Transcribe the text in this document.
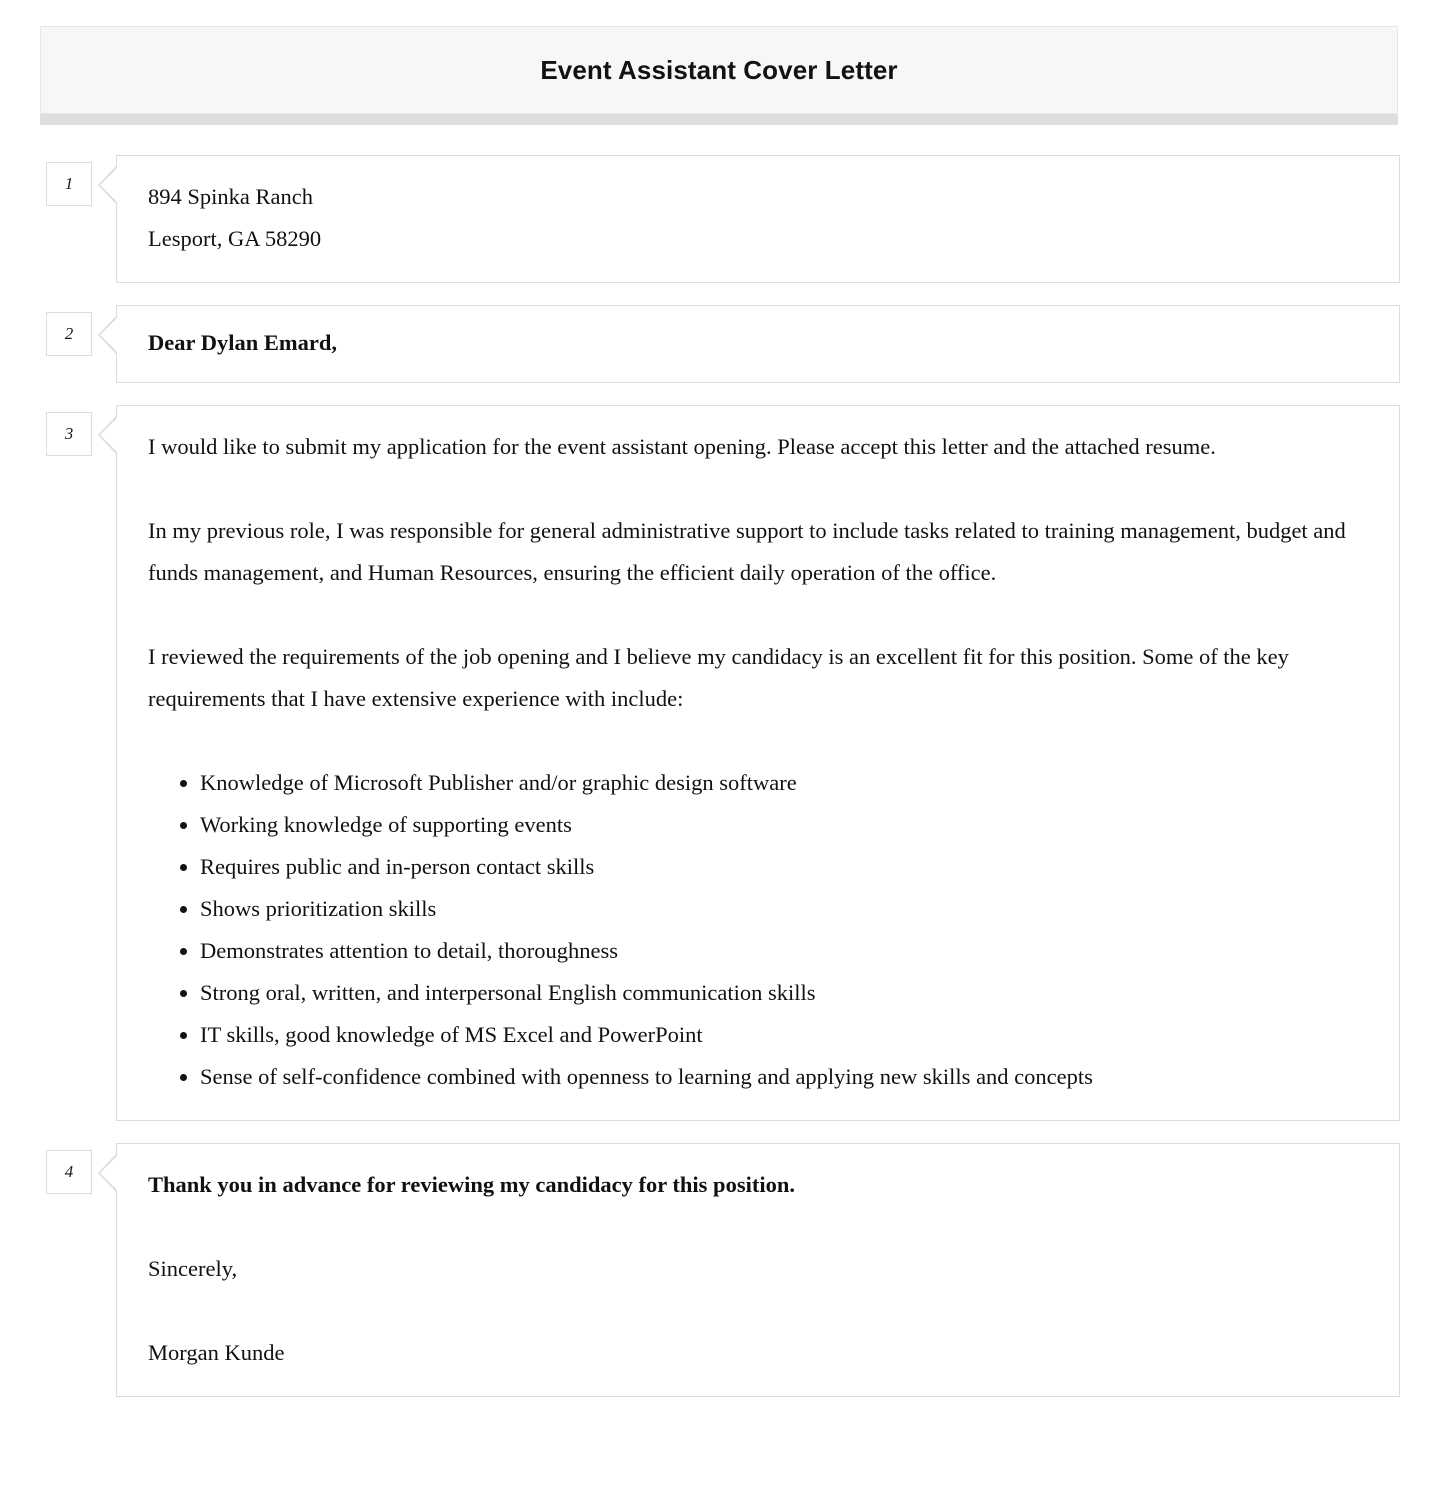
Event Assistant Cover Letter
1
894 Spinka Ranch
Lesport, GA 58290
2	Dear Dylan Emard,
3

I would like to submit my application for the event assistant opening. Please accept this letter and the attached resume.

In my previous role, I was responsible for general administrative support to include tasks related to training management, budget and funds management, and Human Resources, ensuring the efficient daily operation of the office.

I reviewed the requirements of the job opening and I believe my candidacy is an excellent fit for this position. Some of the key requirements that I have extensive experience with include:

• Knowledge of Microsoft Publisher and/or graphic design software
• Working knowledge of supporting events
• Requires public and in-person contact skills
• Shows prioritization skills
• Demonstrates attention to detail, thoroughness
• Strong oral, written, and interpersonal English communication skills
• IT skills, good knowledge of MS Excel and PowerPoint
• Sense of self-confidence combined with openness to learning and applying new skills and concepts
4

Thank you in advance for reviewing my candidacy for this position.

Sincerely,

Morgan Kunde
